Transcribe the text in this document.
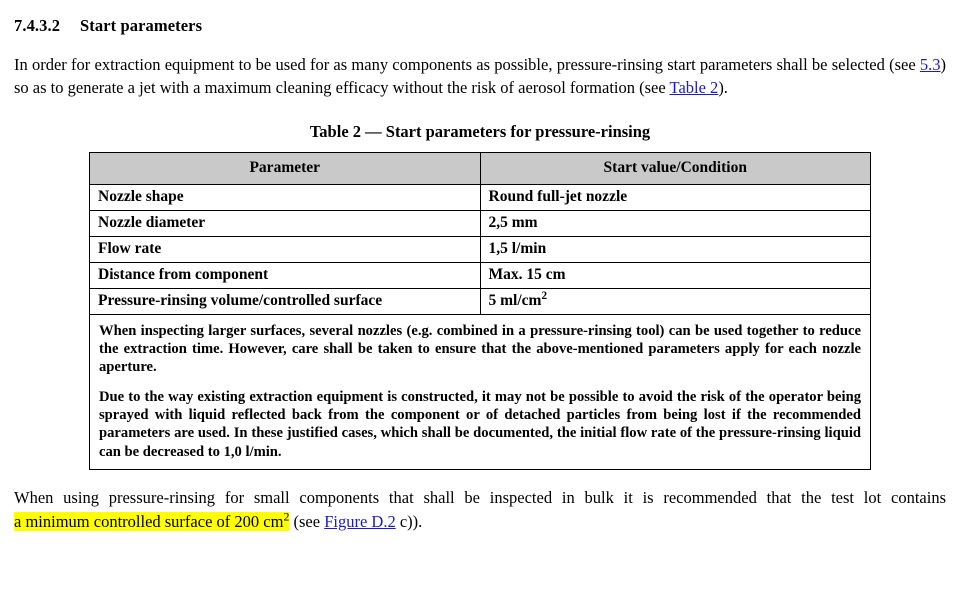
7.4.3.2 Start parameters

In order for extraction equipment to be used for as many components as possible, pressure-rinsing start parameters shall be selected (see 5.3) so as to generate a jet with a maximum cleaning efficacy without the risk of aerosol formation (see Table 2).

Table 2 — Start parameters for pressure-rinsing
Parameter	Start value/Condition
Nozzle shape	Round full-jet nozzle
Nozzle diameter	2,5 mm
Flow rate	1,5 l/min
Distance from component	Max. 15 cm
Pressure-rinsing volume/controlled surface	5 $ml/cm^2$

When inspecting larger surfaces, several nozzles (e.g. combined in a pressure-rinsing tool) can be used together to reduce the extraction time. However, care shall be taken to ensure that the above-mentioned parameters apply for each nozzle aperture.

Due to the way existing extraction equipment is constructed, it may not be possible to avoid the risk of the operator being sprayed with liquid reflected back from the component or of detached particles from being lost if the recommended parameters are used. In these justified cases, which shall be documented, the initial flow rate of the pressure-rinsing liquid can be decreased to 1,0 l/min.	

When using pressure-rinsing for small components that shall be inspected in bulk it is recommended that the test lot contains a minimum controlled surface of 200 $cm^2$ (see Figure D.2 c)).
